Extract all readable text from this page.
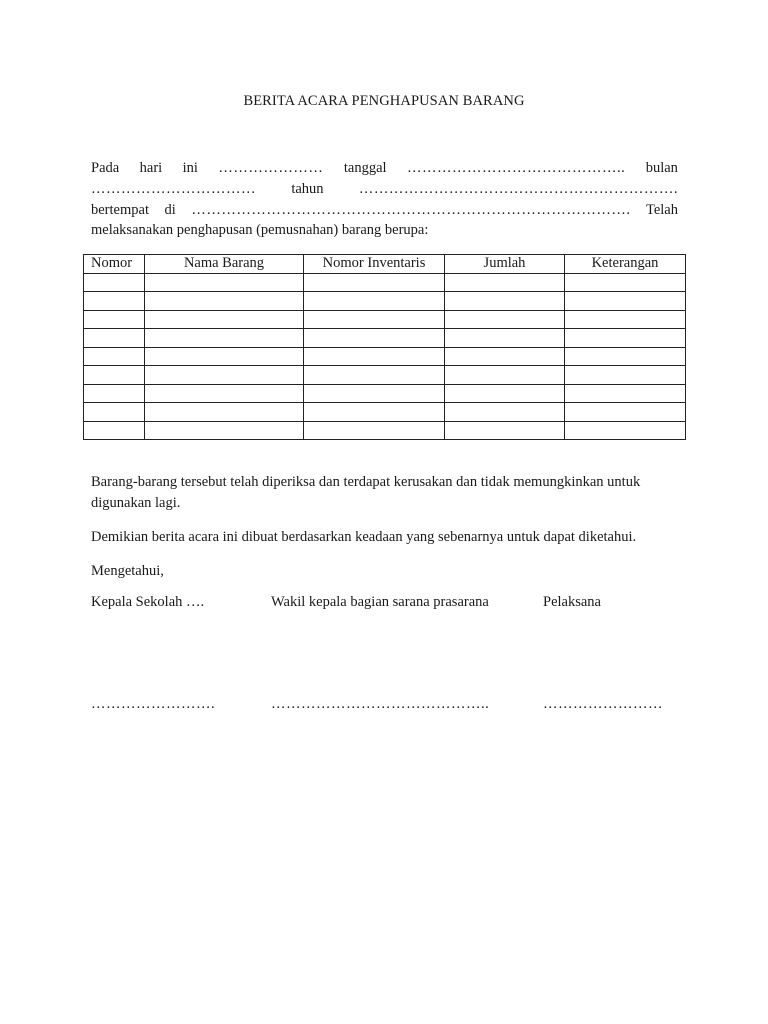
BERITA ACARA PENGHAPUSAN BARANG
Pada hari ini ………………… tanggal …………………………………….. bulan
…………………………… tahun ……………………………………………………….
bertempat di ……………………………………………………………………………. Telah
melaksanakan penghapusan (pemusnahan) barang berupa:
Nomor	Nama Barang	Nomor Inventaris	Jumlah	Keterangan

Barang-barang tersebut telah diperiksa dan terdapat kerusakan dan tidak memungkinkan untuk digunakan lagi.
Demikian berita acara ini dibuat berdasarkan keadaan yang sebenarnya untuk dapat diketahui.
Mengetahui,
Kepala Sekolah ….	Wakil kepala bagian sarana prasarana	Pelaksana
…………………….	……………………………………..	……………………
